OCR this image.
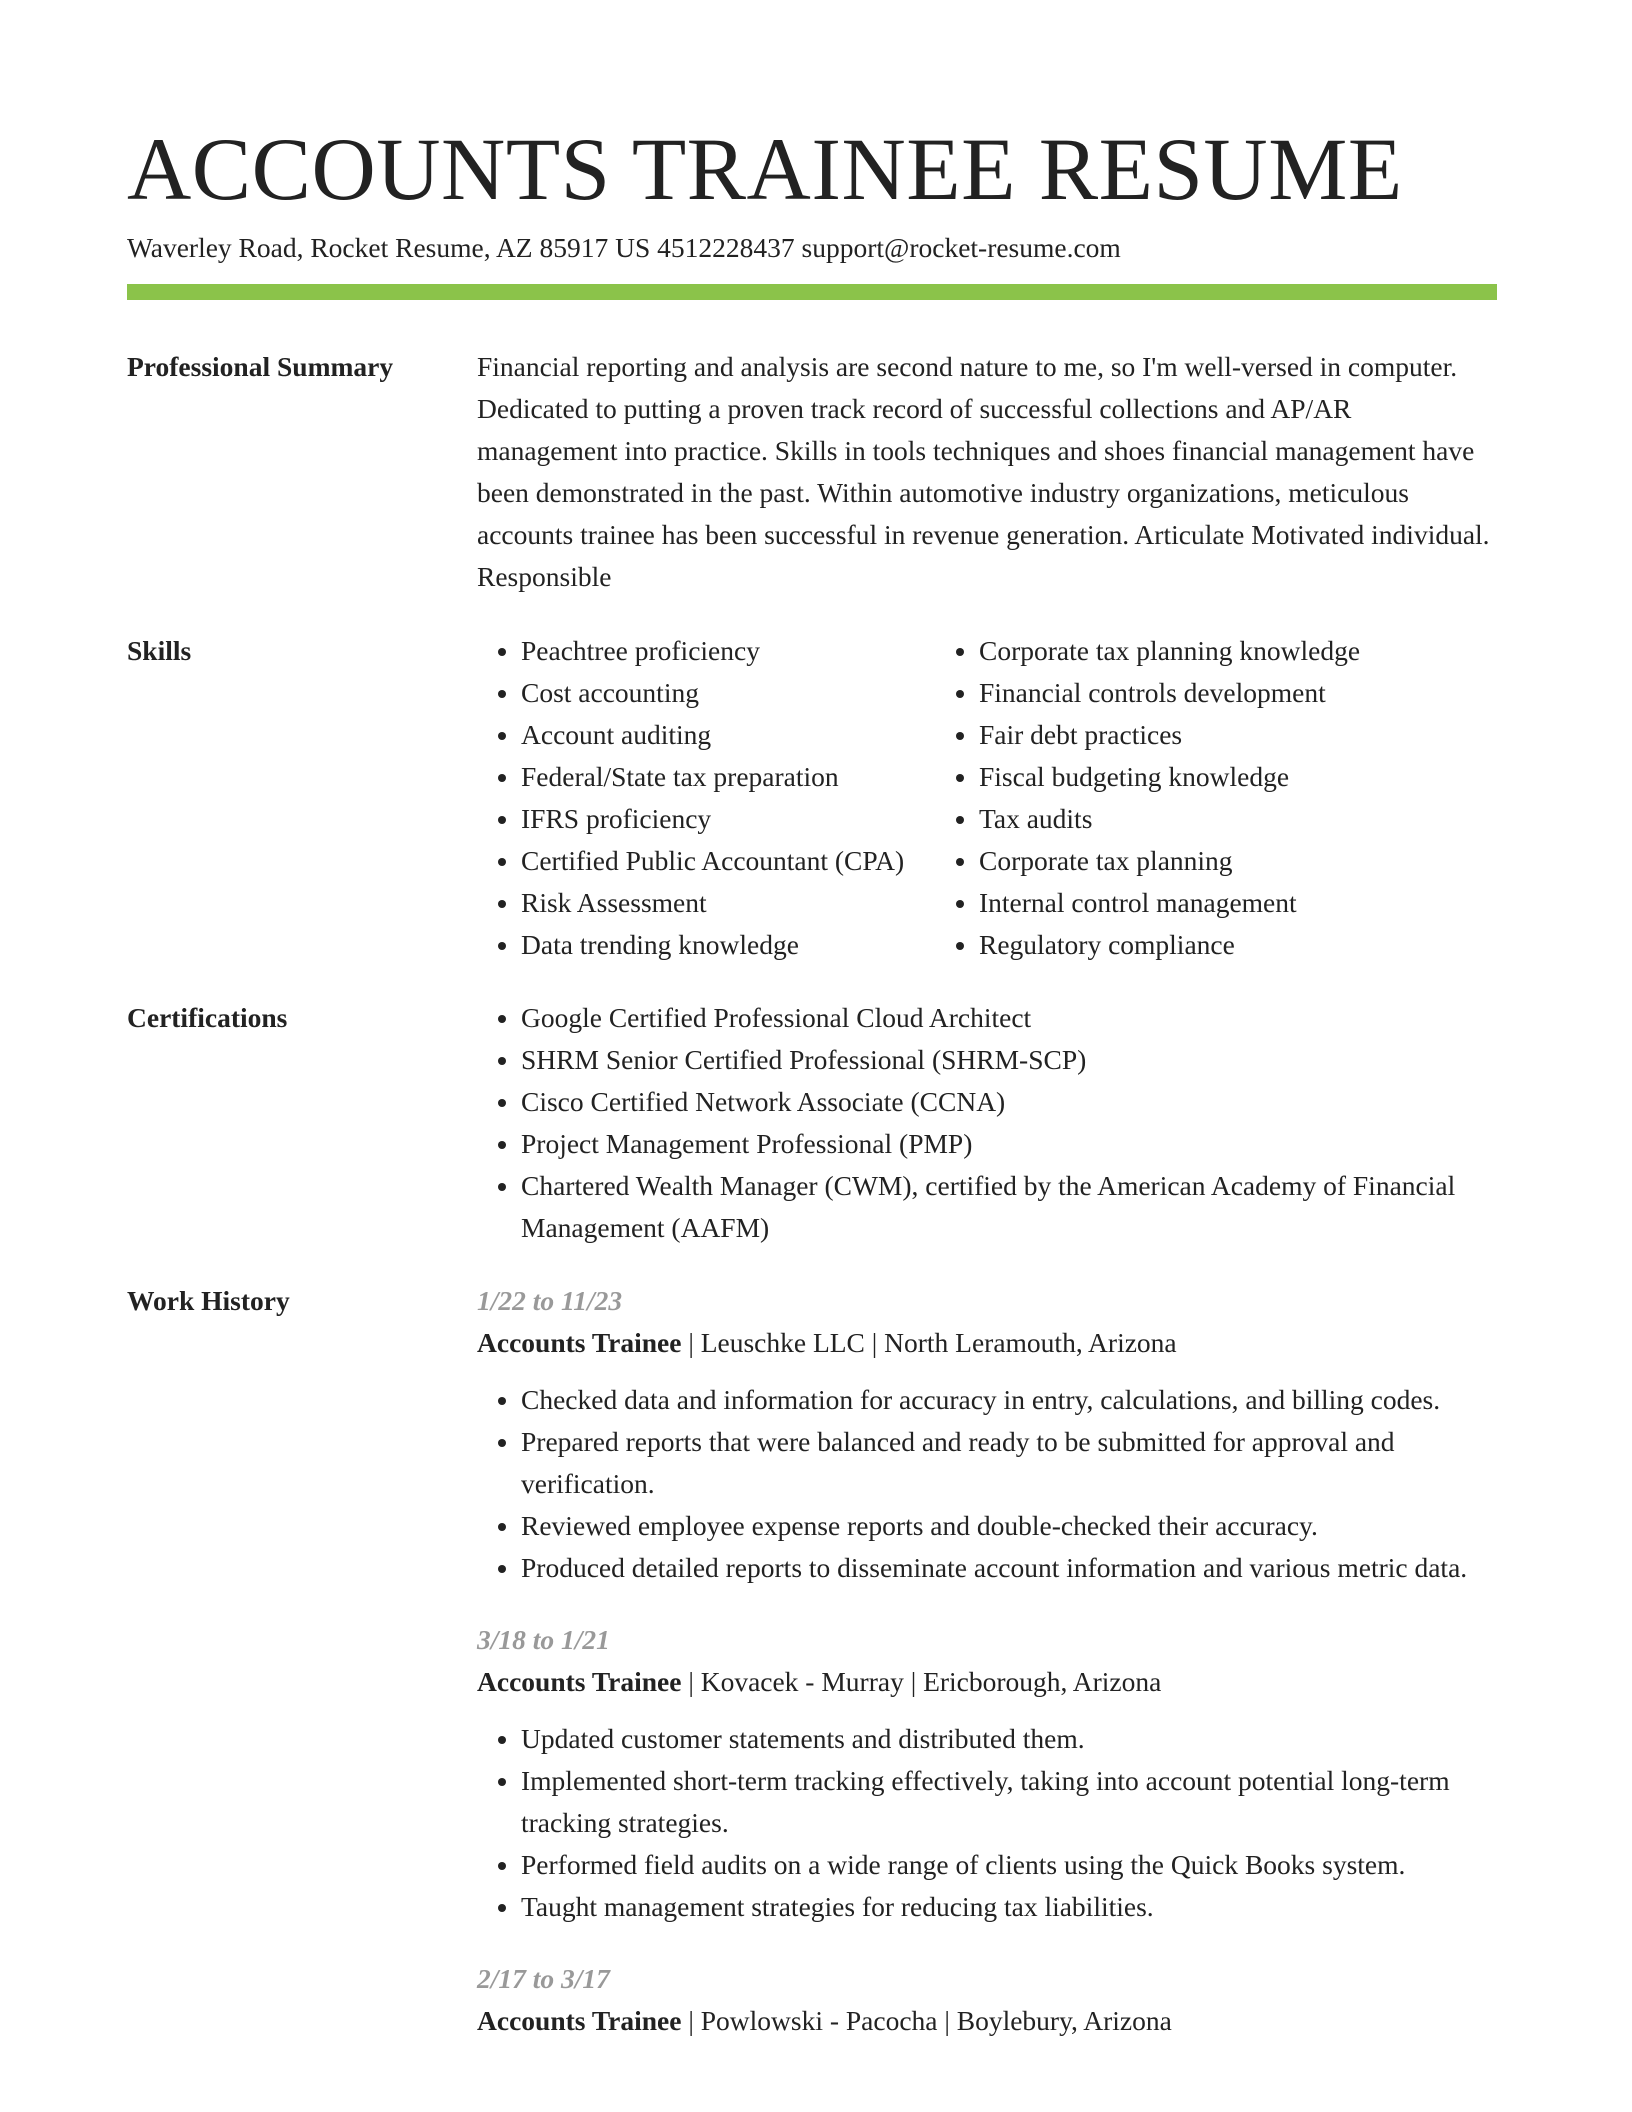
ACCOUNTS TRAINEE RESUME
Waverley Road, Rocket Resume, AZ 85917 US 4512228437 support@rocket-resume.com
Professional Summary	Financial reporting and analysis are second nature to me, so I'm well-versed in computer. Dedicated to putting a proven track record of successful collections and AP/AR management into practice. Skills in tools techniques and shoes financial management have been demonstrated in the past. Within automotive industry organizations, meticulous accounts trainee has been successful in revenue generation. Articulate Motivated individual. Responsible

Skills	• Peachtree proficiency
• Cost accounting
• Account auditing
• Federal/State tax preparation
• IFRS proficiency
• Certified Public Accountant (CPA)
• Risk Assessment
• Data trending knowledge
• Corporate tax planning knowledge
• Financial controls development
• Fair debt practices
• Fiscal budgeting knowledge
• Tax audits
• Corporate tax planning
• Internal control management
• Regulatory compliance
Certifications	• Google Certified Professional Cloud Architect
• SHRM Senior Certified Professional (SHRM-SCP)
• Cisco Certified Network Associate (CCNA)
• Project Management Professional (PMP)
• Chartered Wealth Manager (CWM), certified by the American Academy of Financial Management (AAFM)
Work History	1/22 to 11/23
Accounts Trainee | Leuschke LLC | North Leramouth, Arizona
• Checked data and information for accuracy in entry, calculations, and billing codes.
• Prepared reports that were balanced and ready to be submitted for approval and verification.
• Reviewed employee expense reports and double-checked their accuracy.
• Produced detailed reports to disseminate account information and various metric data.
3/18 to 1/21
Accounts Trainee | Kovacek - Murray | Ericborough, Arizona
• Updated customer statements and distributed them.
• Implemented short-term tracking effectively, taking into account potential long-term tracking strategies.
• Performed field audits on a wide range of clients using the Quick Books system.
• Taught management strategies for reducing tax liabilities.
2/17 to 3/17
Accounts Trainee | Powlowski - Pacocha | Boylebury, Arizona
